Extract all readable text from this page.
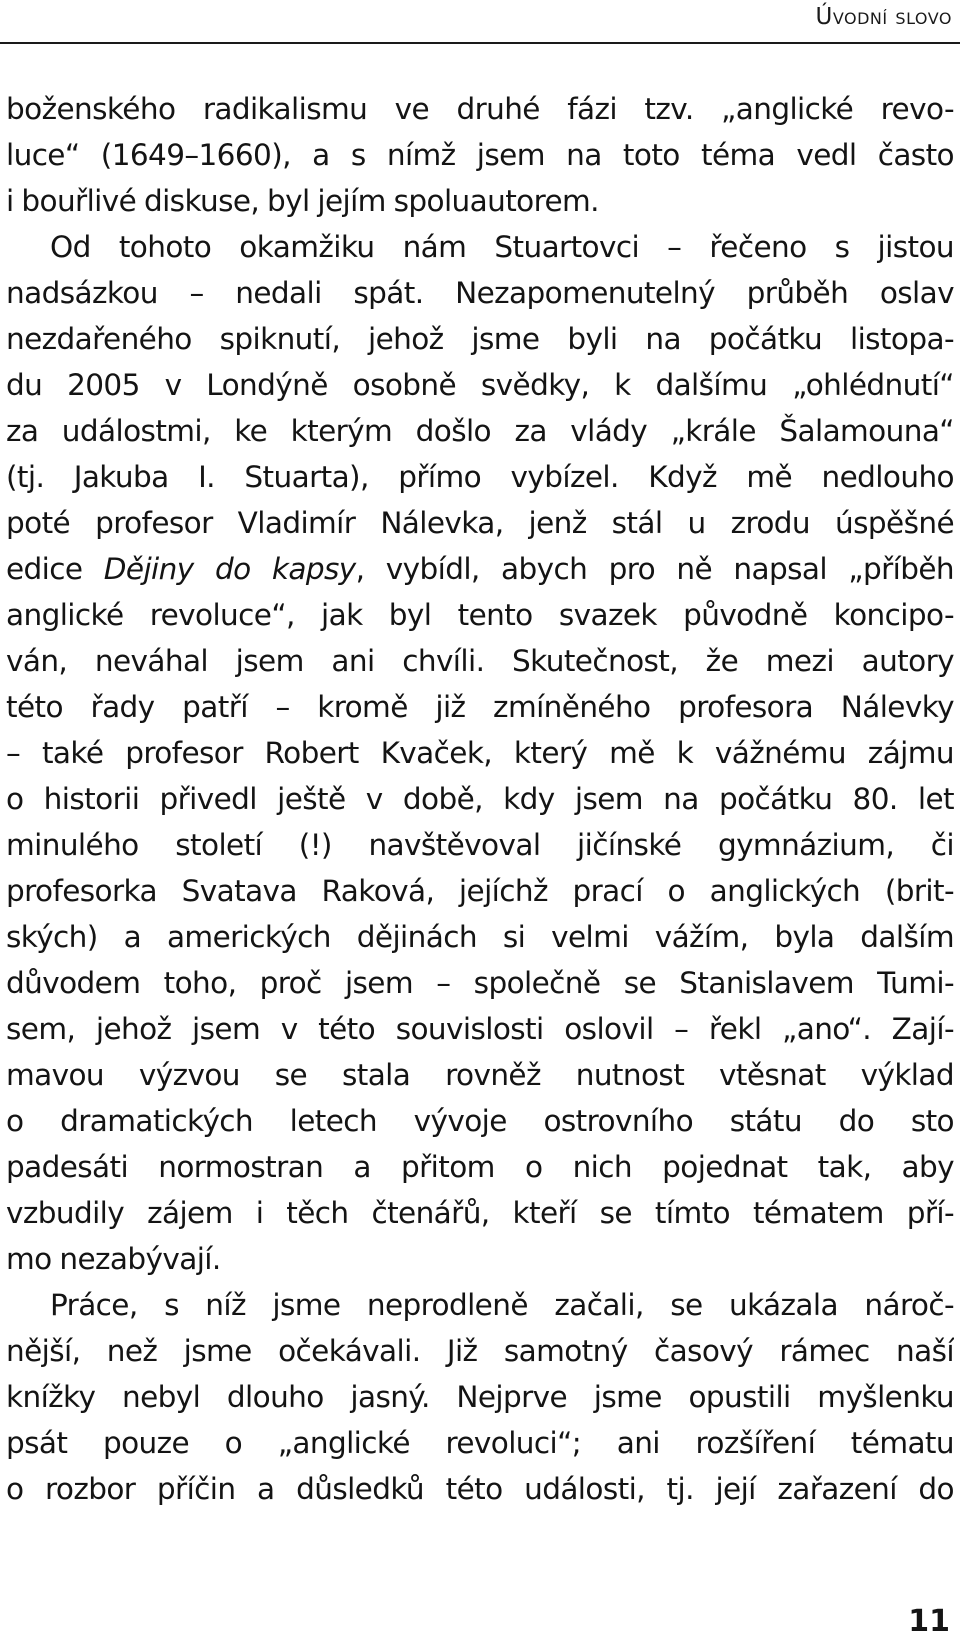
Úvodní slovo
boženského radikalismu ve druhé fázi tzv. „anglické revo-
luce“ (1649–1660), a s nímž jsem na toto téma vedl často
i bouřlivé diskuse, byl jejím spoluautorem.
Od tohoto okamžiku nám Stuartovci – řečeno s jistou
nadsázkou – nedali spát. Nezapomenutelný průběh oslav
nezdařeného spiknutí, jehož jsme byli na počátku listopa-
du 2005 v Londýně osobně svědky, k dalšímu „ohlédnutí“
za událostmi, ke kterým došlo za vlády „krále Šalamouna“
(tj. Jakuba I. Stuarta), přímo vybízel. Když mě nedlouho
poté profesor Vladimír Nálevka, jenž stál u zrodu úspěšné
edice Dějiny do kapsy, vybídl, abych pro ně napsal „příběh
anglické revoluce“, jak byl tento svazek původně koncipo-
ván, neváhal jsem ani chvíli. Skutečnost, že mezi autory
této řady patří – kromě již zmíněného profesora Nálevky
– také profesor Robert Kvaček, který mě k vážnému zájmu
o historii přivedl ještě v době, kdy jsem na počátku 80. let
minulého století (!) navštěvoval jičínské gymnázium, či
profesorka Svatava Raková, jejíchž prací o anglických (brit-
ských) a amerických dějinách si velmi vážím, byla dalším
důvodem toho, proč jsem – společně se Stanislavem Tumi-
sem, jehož jsem v této souvislosti oslovil – řekl „ano“. Zají-
mavou výzvou se stala rovněž nutnost vtěsnat výklad
o dramatických letech vývoje ostrovního státu do sto
padesáti normostran a přitom o nich pojednat tak, aby
vzbudily zájem i těch čtenářů, kteří se tímto tématem pří-
mo nezabývají.
Práce, s níž jsme neprodleně začali, se ukázala nároč-
nější, než jsme očekávali. Již samotný časový rámec naší
knížky nebyl dlouho jasný. Nejprve jsme opustili myšlenku
psát pouze o „anglické revoluci“; ani rozšíření tématu
o rozbor příčin a důsledků této události, tj. její zařazení do
11
